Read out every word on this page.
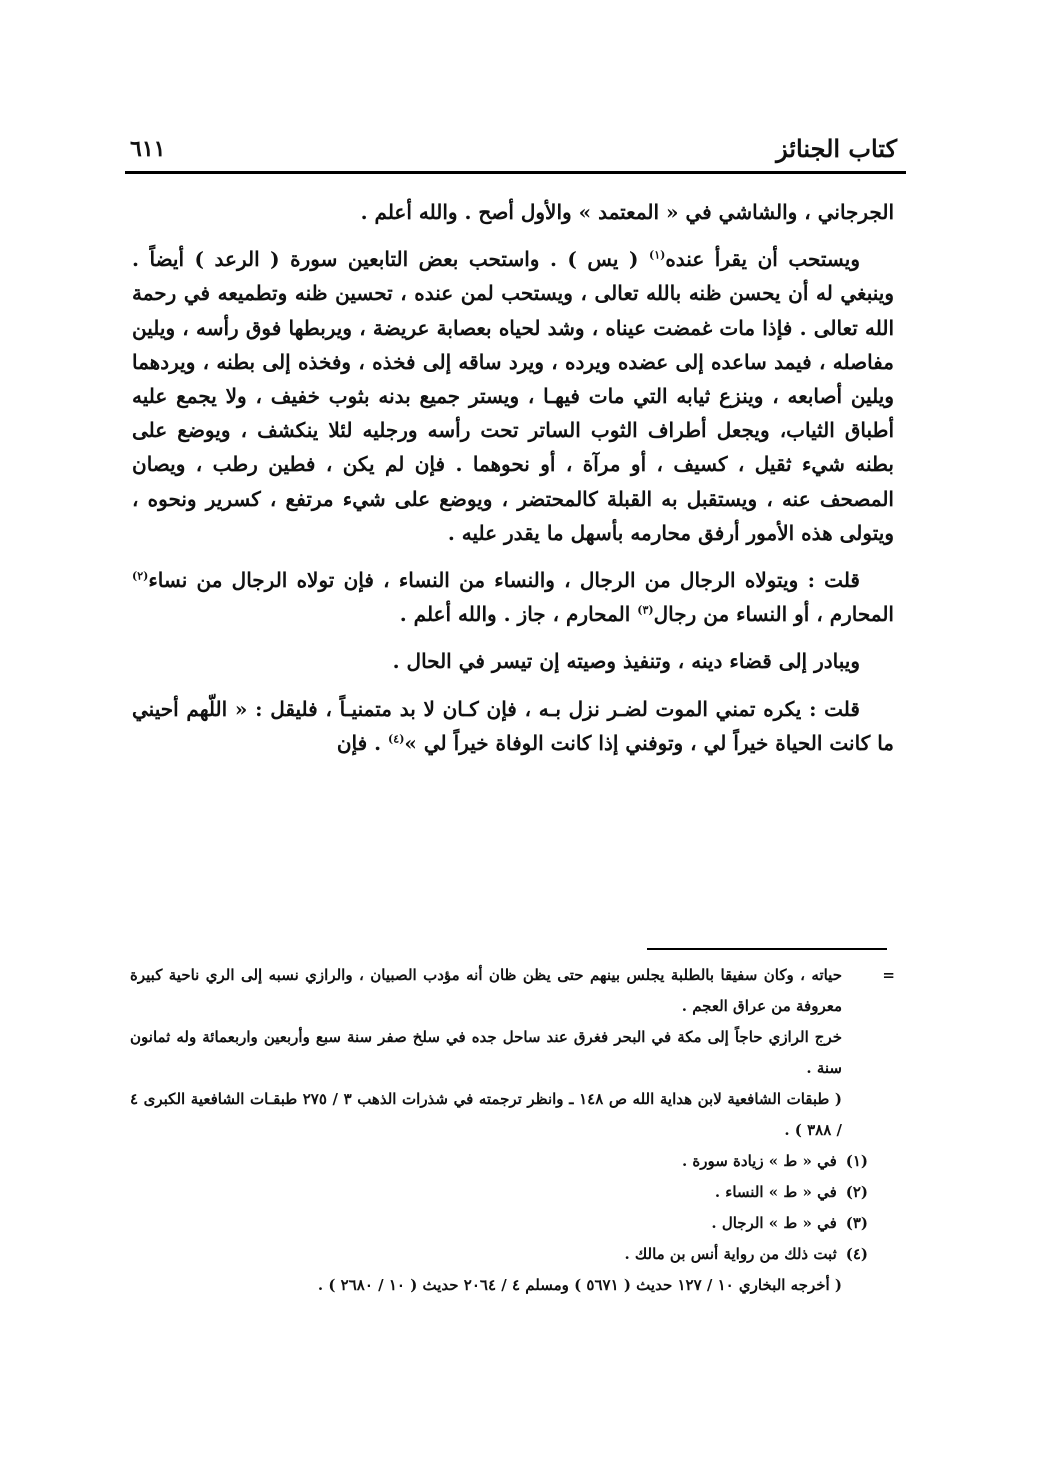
كتاب الجنائز
٦١١

الجرجاني ، والشاشي في « المعتمد » والأول أصح . والله أعلم .

ويستحب أن يقرأ عنده$^{(١)}$ ( يس ) . واستحب بعض التابعين سورة ( الرعد ) أيضاً . وينبغي له أن يحسن ظنه بالله تعالى ، ويستحب لمن عنده ، تحسين ظنه وتطميعه في رحمة الله تعالى . فإذا مات غمضت عيناه ، وشد لحياه بعصابة عريضة ، ويربطها فوق رأسه ، ويلين مفاصله ، فيمد ساعده إلى عضده ويرده ، ويرد ساقه إلى فخذه ، وفخذه إلى بطنه ، ويردهما ويلين أصابعه ، وينزع ثيابه التي مات فيهـا ، ويستر جميع بدنه بثوب خفيف ، ولا يجمع عليه أطباق الثياب، ويجعل أطراف الثوب الساتر تحت رأسه ورجليه لئلا ينكشف ، ويوضع على بطنه شيء ثقيل ، كسيف ، أو مرآة ، أو نحوهما . فإن لم يكن ، فطين رطب ، ويصان المصحف عنه ، ويستقبل به القبلة كالمحتضر ، ويوضع على شيء مرتفع ، كسرير ونحوه ، ويتولى هذه الأمور أرفق محارمه بأسهل ما يقدر عليه .

قلت : ويتولاه الرجال من الرجال ، والنساء من النساء ، فإن تولاه الرجال من نساء$^{(٢)}$ المحارم ، أو النساء من رجال$^{(٣)}$ المحارم ، جاز . والله أعلم .

ويبادر إلى قضاء دينه ، وتنفيذ وصيته إن تيسر في الحال .

قلت : يكره تمني الموت لضـر نزل بـه ، فإن كـان لا بد متمنيـاً ، فليقل : « اللّهم أحيني ما كانت الحياة خيراً لي ، وتوفني إذا كانت الوفاة خيراً لي »$^{(٤)}$ . فإن

=

حياته ، وكان سفيقا بالطلبة يجلس بينهم حتى يظن ظان أنه مؤدب الصبيان ، والرازي نسبه إلى الري ناحية كبيرة معروفة من عراق العجم .

خرج الرازي حاجاً إلى مكة في البحر فغرق عند ساحل جده في سلخ صفر سنة سبع وأربعين واربعمائة وله ثمانون سنة .

( طبقات الشافعية لابن هداية الله ص ١٤٨ ـ وانظر ترجمته في شذرات الذهب ٣ / ٢٧٥ طبقـات الشافعية الكبرى ٤ / ٣٨٨ ) .

(١) في « ط » زيادة سورة .

(٢) في « ط » النساء .

(٣) في « ط » الرجال .

(٤) ثبت ذلك من رواية أنس بن مالك .

( أخرجه البخاري ١٠ / ١٢٧ حديث ( ٥٦٧١ ) ومسلم ٤ / ٢٠٦٤ حديث ( ١٠ / ٢٦٨٠ ) .
